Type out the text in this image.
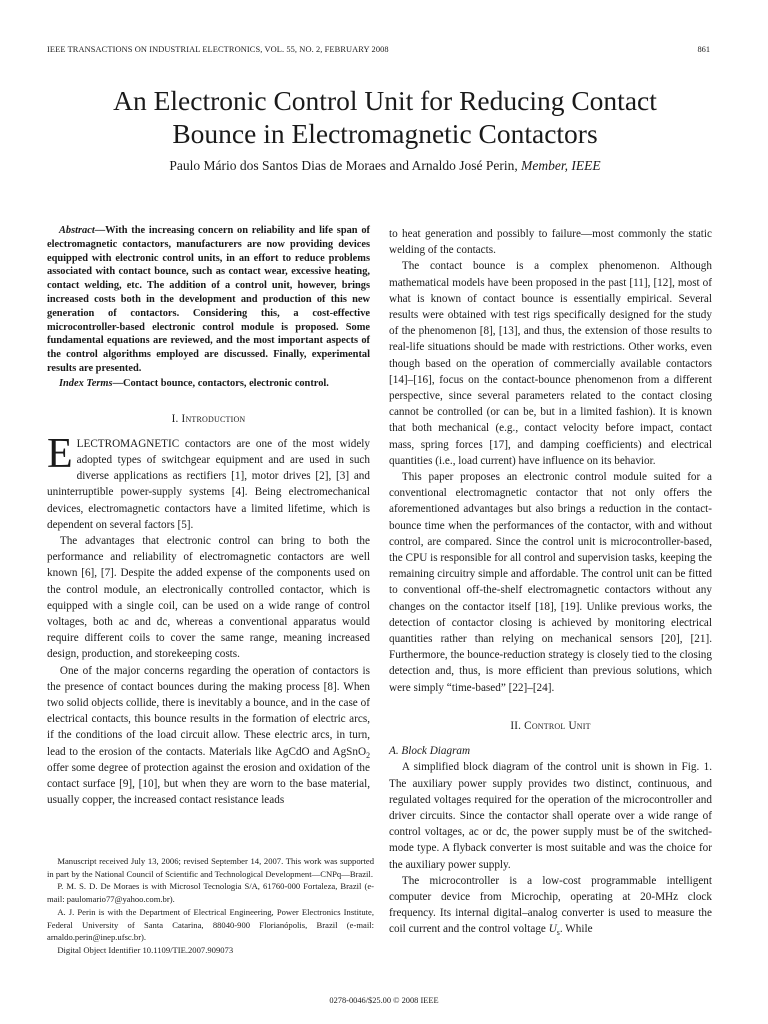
IEEE TRANSACTIONS ON INDUSTRIAL ELECTRONICS, VOL. 55, NO. 2, FEBRUARY 2008	861
An Electronic Control Unit for Reducing Contact
Bounce in Electromagnetic Contactors
Paulo Mário dos Santos Dias de Moraes and Arnaldo José Perin, Member, IEEE

Abstract—With the increasing concern on reliability and life span of electromagnetic contactors, manufacturers are now providing devices equipped with electronic control units, in an effort to reduce problems associated with contact bounce, such as contact wear, excessive heating, contact welding, etc. The addition of a control unit, however, brings increased costs both in the development and production of this new generation of contactors. Considering this, a cost-effective microcontroller-based electronic control module is proposed. Some fundamental equations are reviewed, and the most important aspects of the control algorithms employed are discussed. Finally, experimental results are presented.

Index Terms—Contact bounce, contactors, electronic control.

I. Introduction

ELECTROMAGNETIC contactors are one of the most widely adopted types of switchgear equipment and are used in such diverse applications as rectifiers [1], motor drives [2], [3] and uninterruptible power-supply systems [4]. Being electromechanical devices, electromagnetic contactors have a limited lifetime, which is dependent on several factors [5].

The advantages that electronic control can bring to both the performance and reliability of electromagnetic contactors are well known [6], [7]. Despite the added expense of the components used on the control module, an electronically controlled contactor, which is equipped with a single coil, can be used on a wide range of control voltages, both ac and dc, whereas a conventional apparatus would require different coils to cover the same range, meaning increased design, production, and storekeeping costs.

One of the major concerns regarding the operation of contactors is the presence of contact bounces during the making process [8]. When two solid objects collide, there is inevitably a bounce, and in the case of electrical contacts, this bounce results in the formation of electric arcs, if the conditions of the load circuit allow. These electric arcs, in turn, lead to the erosion of the contacts. Materials like AgCdO and AgSnO$_2$ offer some degree of protection against the erosion and oxidation of the contact surface [9], [10], but when they are worn to the base material, usually copper, the increased contact resistance leads

Manuscript received July 13, 2006; revised September 14, 2007. This work was supported in part by the National Council of Scientific and Technological Development—CNPq—Brazil.

P. M. S. D. De Moraes is with Microsol Tecnologia S/A, 61760-000 Fortaleza, Brazil (e-mail: paulomario77@yahoo.com.br).

A. J. Perin is with the Department of Electrical Engineering, Power Electronics Institute, Federal University of Santa Catarina, 88040-900 Florianópolis, Brazil (e-mail: arnaldo.perin@inep.ufsc.br).

Digital Object Identifier 10.1109/TIE.2007.909073

to heat generation and possibly to failure—most commonly the static welding of the contacts.

The contact bounce is a complex phenomenon. Although mathematical models have been proposed in the past [11], [12], most of what is known of contact bounce is essentially empirical. Several results were obtained with test rigs specifically designed for the study of the phenomenon [8], [13], and thus, the extension of those results to real-life situations should be made with restrictions. Other works, even though based on the operation of commercially available contactors [14]–[16], focus on the contact-bounce phenomenon from a different perspective, since several parameters related to the contact closing cannot be controlled (or can be, but in a limited fashion). It is known that both mechanical (e.g., contact velocity before impact, contact mass, spring forces [17], and damping coefficients) and electrical quantities (i.e., load current) have influence on its behavior.

This paper proposes an electronic control module suited for a conventional electromagnetic contactor that not only offers the aforementioned advantages but also brings a reduction in the contact-bounce time when the performances of the contactor, with and without control, are compared. Since the control unit is microcontroller-based, the CPU is responsible for all control and supervision tasks, keeping the remaining circuitry simple and affordable. The control unit can be fitted to conventional off-the-shelf electromagnetic contactors without any changes on the contactor itself [18], [19]. Unlike previous works, the detection of contactor closing is achieved by monitoring electrical quantities rather than relying on mechanical sensors [20], [21]. Furthermore, the bounce-reduction strategy is closely tied to the closing detection and, thus, is more efficient than previous solutions, which were simply “time-based” [22]–[24].

II. Control Unit

A. Block Diagram

A simplified block diagram of the control unit is shown in Fig. 1. The auxiliary power supply provides two distinct, continuous, and regulated voltages required for the operation of the microcontroller and driver circuits. Since the contactor shall operate over a wide range of control voltages, ac or dc, the power supply must be of the switched-mode type. A flyback converter is most suitable and was the choice for the auxiliary power supply.

The microcontroller is a low-cost programmable intelligent computer device from Microchip, operating at 20-MHz clock frequency. Its internal digital–analog converter is used to measure the coil current and the control voltage $U_s$. While

0278-0046/$25.00 © 2008 IEEE
